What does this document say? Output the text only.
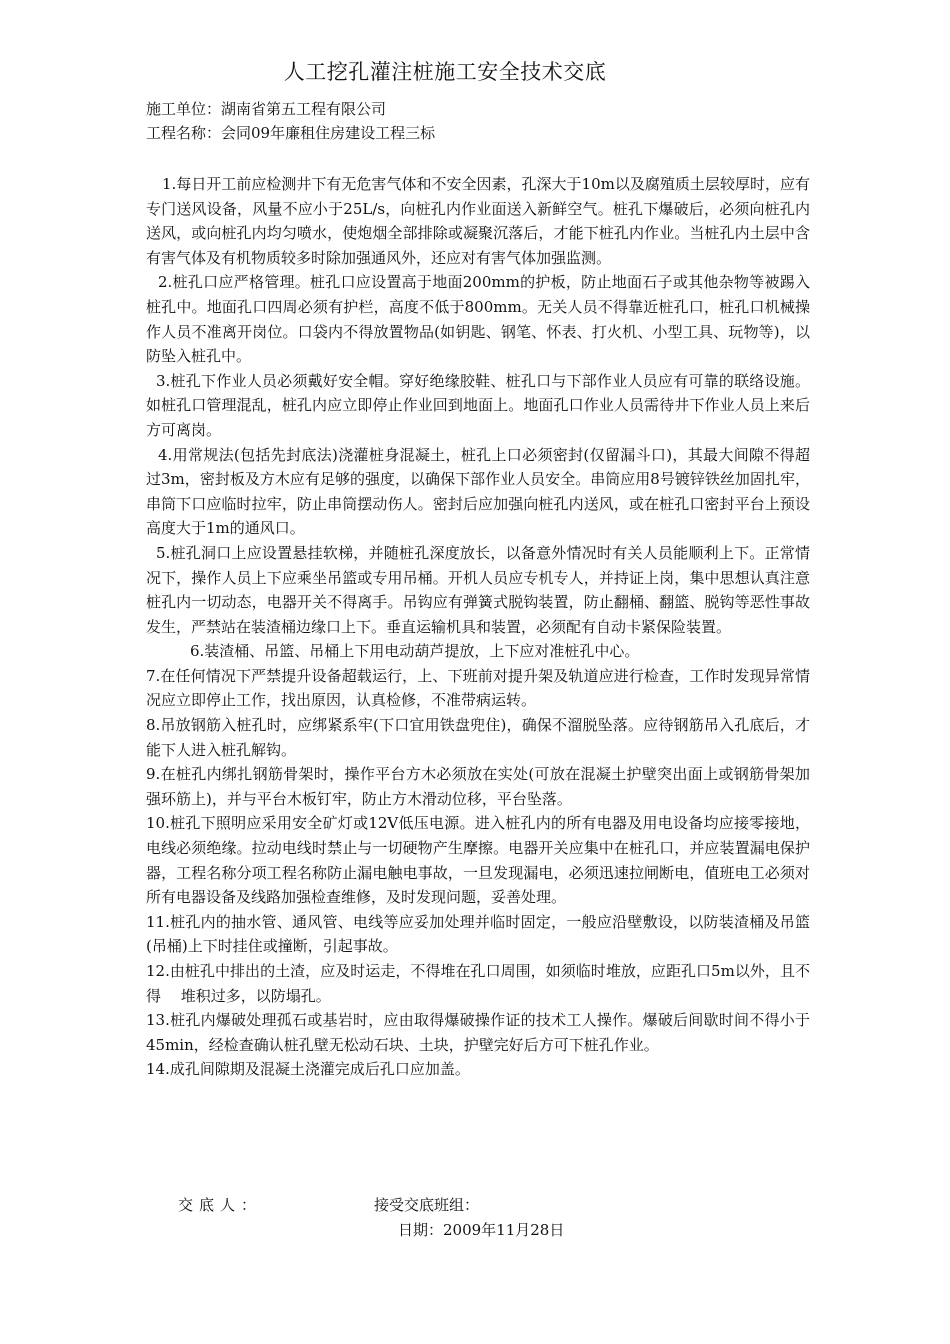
人工挖孔灌注桩施工安全技术交底
施工单位：湖南省第五工程有限公司
工程名称：会同09年廉租住房建设工程三标

1.每日开工前应检测井下有无危害气体和不安全因素，孔深大于10m以及腐殖质土层较厚时，应有专门送风设备，风量不应小于25L/s，向桩孔内作业面送入新鲜空气。桩孔下爆破后，必须向桩孔内送风，或向桩孔内均匀喷水，使炮烟全部排除或凝聚沉落后，才能下桩孔内作业。当桩孔内土层中含有害气体及有机物质较多时除加强通风外，还应对有害气体加强监测。

2.桩孔口应严格管理。桩孔口应设置高于地面200mm的护板，防止地面石子或其他杂物等被踢入桩孔中。地面孔口四周必须有护栏，高度不低于800mm。无关人员不得靠近桩孔口，桩孔口机械操作人员不准离开岗位。口袋内不得放置物品(如钥匙、钢笔、怀表、打火机、小型工具、玩物等)，以防坠入桩孔中。

3.桩孔下作业人员必须戴好安全帽。穿好绝缘胶鞋、桩孔口与下部作业人员应有可靠的联络设施。如桩孔口管理混乱，桩孔内应立即停止作业回到地面上。地面孔口作业人员需待井下作业人员上来后方可离岗。

4.用常规法(包括先封底法)浇灌桩身混凝土，桩孔上口必须密封(仅留漏斗口)，其最大间隙不得超过3m，密封板及方木应有足够的强度，以确保下部作业人员安全。串筒应用8号镀锌铁丝加固扎牢，串筒下口应临时拉牢，防止串筒摆动伤人。密封后应加强向桩孔内送风，或在桩孔口密封平台上预设高度大于1m的通风口。

5.桩孔洞口上应设置悬挂软梯，并随桩孔深度放长，以备意外情况时有关人员能顺利上下。正常情况下，操作人员上下应乘坐吊篮或专用吊桶。开机人员应专机专人，并持证上岗，集中思想认真注意桩孔内一切动态，电器开关不得离手。吊钩应有弹簧式脱钩装置，防止翻桶、翻篮、脱钩等恶性事故发生，严禁站在装渣桶边缘口上下。垂直运输机具和装置，必须配有自动卡紧保险装置。

6.装渣桶、吊篮、吊桶上下用电动葫芦提放，上下应对准桩孔中心。

7.在任何情况下严禁提升设备超载运行，上、下班前对提升架及轨道应进行检查，工作时发现异常情况应立即停止工作，找出原因，认真检修，不准带病运转。

8.吊放钢筋入桩孔时，应绑紧系牢(下口宜用铁盘兜住)，确保不溜脱坠落。应待钢筋吊入孔底后，才能下人进入桩孔解钩。

9.在桩孔内绑扎钢筋骨架时，操作平台方木必须放在实处(可放在混凝土护壁突出面上或钢筋骨架加强环筋上)，并与平台木板钉牢，防止方木滑动位移，平台坠落。

10.桩孔下照明应采用安全矿灯或12V低压电源。进入桩孔内的所有电器及用电设备均应接零接地，电线必须绝缘。拉动电线时禁止与一切硬物产生摩擦。电器开关应集中在桩孔口，并应装置漏电保护器，工程名称分项工程名称防止漏电触电事故，一旦发现漏电，必须迅速拉闸断电，值班电工必须对所有电器设备及线路加强检查维修，及时发现问题，妥善处理。

11.桩孔内的抽水管、通风管、电线等应妥加处理并临时固定，一般应沿壁敷设，以防装渣桶及吊篮(吊桶)上下时挂住或撞断，引起事故。

12.由桩孔中排出的土渣，应及时运走，不得堆在孔口周围，如须临时堆放，应距孔口5m以外，且不得　 堆积过多，以防塌孔。

13.桩孔内爆破处理孤石或基岩时，应由取得爆破操作证的技术工人操作。爆破后间歇时间不得小于45min，经检查确认桩孔壁无松动石块、土块，护壁完好后方可下桩孔作业。

14.成孔间隙期及混凝土浇灌完成后孔口应加盖。

交底人：	接受交底班组：
日期：2009年11月28日
